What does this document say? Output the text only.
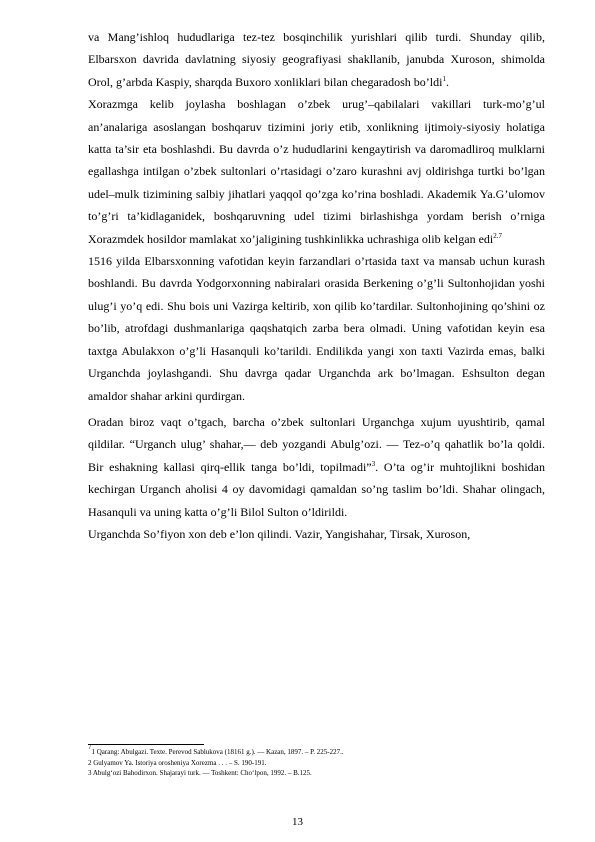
va Mang’ishloq hududlariga tez-tez bosqinchilik yurishlari qilib turdi. Shunday qilib, Elbarsxon davrida davlatning siyosiy geografiyasi shakllanib, janubda Xuroson, shimolda Orol, g’arbda Kaspiy, sharqda Buxoro xonliklari bilan chegaradosh bo’ldi$^1$.

Xorazmga kelib joylasha boshlagan o’zbek urug’–qabilalari vakillari turk-mo’g’ul an’analariga asoslangan boshqaruv tizimini joriy etib, xonlikning ijtimoiy-siyosiy holatiga katta ta’sir eta boshlashdi. Bu davrda o’z hududlarini kengaytirish va daromadliroq mulklarni egallashga intilgan o’zbek sultonlari o’rtasidagi o’zaro kurashni avj oldirishga turtki bo’lgan udel–mulk tizimining salbiy jihatlari yaqqol qo’zga ko’rina boshladi. Akademik Ya.G’ulomov to’g’ri ta’kidlaganidek, boshqaruvning udel tizimi birlashishga yordam berish o’rniga Xorazmdek hosildor mamlakat xo’jaligining tushkinlikka uchrashiga olib kelgan edi$^{2.7}$

1516 yilda Elbarsxonning vafotidan keyin farzandlari o’rtasida taxt va mansab uchun kurash boshlandi. Bu davrda Yodgorxonning nabiralari orasida Berkening o’g’li Sultonhojidan yoshi ulug’i yo’q edi. Shu bois uni Vazirga keltirib, xon qilib ko’tardilar. Sultonhojining qo’shini oz bo’lib, atrofdagi dushmanlariga qaqshatqich zarba bera olmadi. Uning vafotidan keyin esa taxtga Abulakxon o’g’li Hasanquli ko’tarildi. Endilikda yangi xon taxti Vazirda emas, balki Urganchda joylashgandi. Shu davrga qadar Urganchda ark bo’lmagan. Eshsulton degan amaldor shahar arkini qurdirgan.

Oradan biroz vaqt o’tgach, barcha o’zbek sultonlari Urganchga xujum uyushtirib, qamal qildilar. “Urganch ulug’ shahar,— deb yozgandi Abulg’ozi. — Tez-o’q qahatlik bo’la qoldi. Bir eshakning kallasi qirq-ellik tanga bo’ldi, topilmadi”$^3$. O’ta og’ir muhtojlikni boshidan kechirgan Urganch aholisi 4 oy davomidagi qamaldan so’ng taslim bo’ldi. Shahar olingach, Hasanquli va uning katta o’g’li Bilol Sulton o’ldirildi.

Urganchda So’fiyon xon deb e’lon qilindi. Vazir, Yangishahar, Tirsak, Xuroson,

$^7$1 Qarang: Abulgazi. Texte. Perevod Sablukova (18161 g.). — Kazan, 1897. – P. 225-227..

2 Gulyamov Ya. Istoriya orosheniya Xorezma . . . – S. 190-191.

3 Abulg‘ozi Bahodirxon. Shajarayi turk. — Toshkent: Cho‘lpon, 1992. – B.125.

13
